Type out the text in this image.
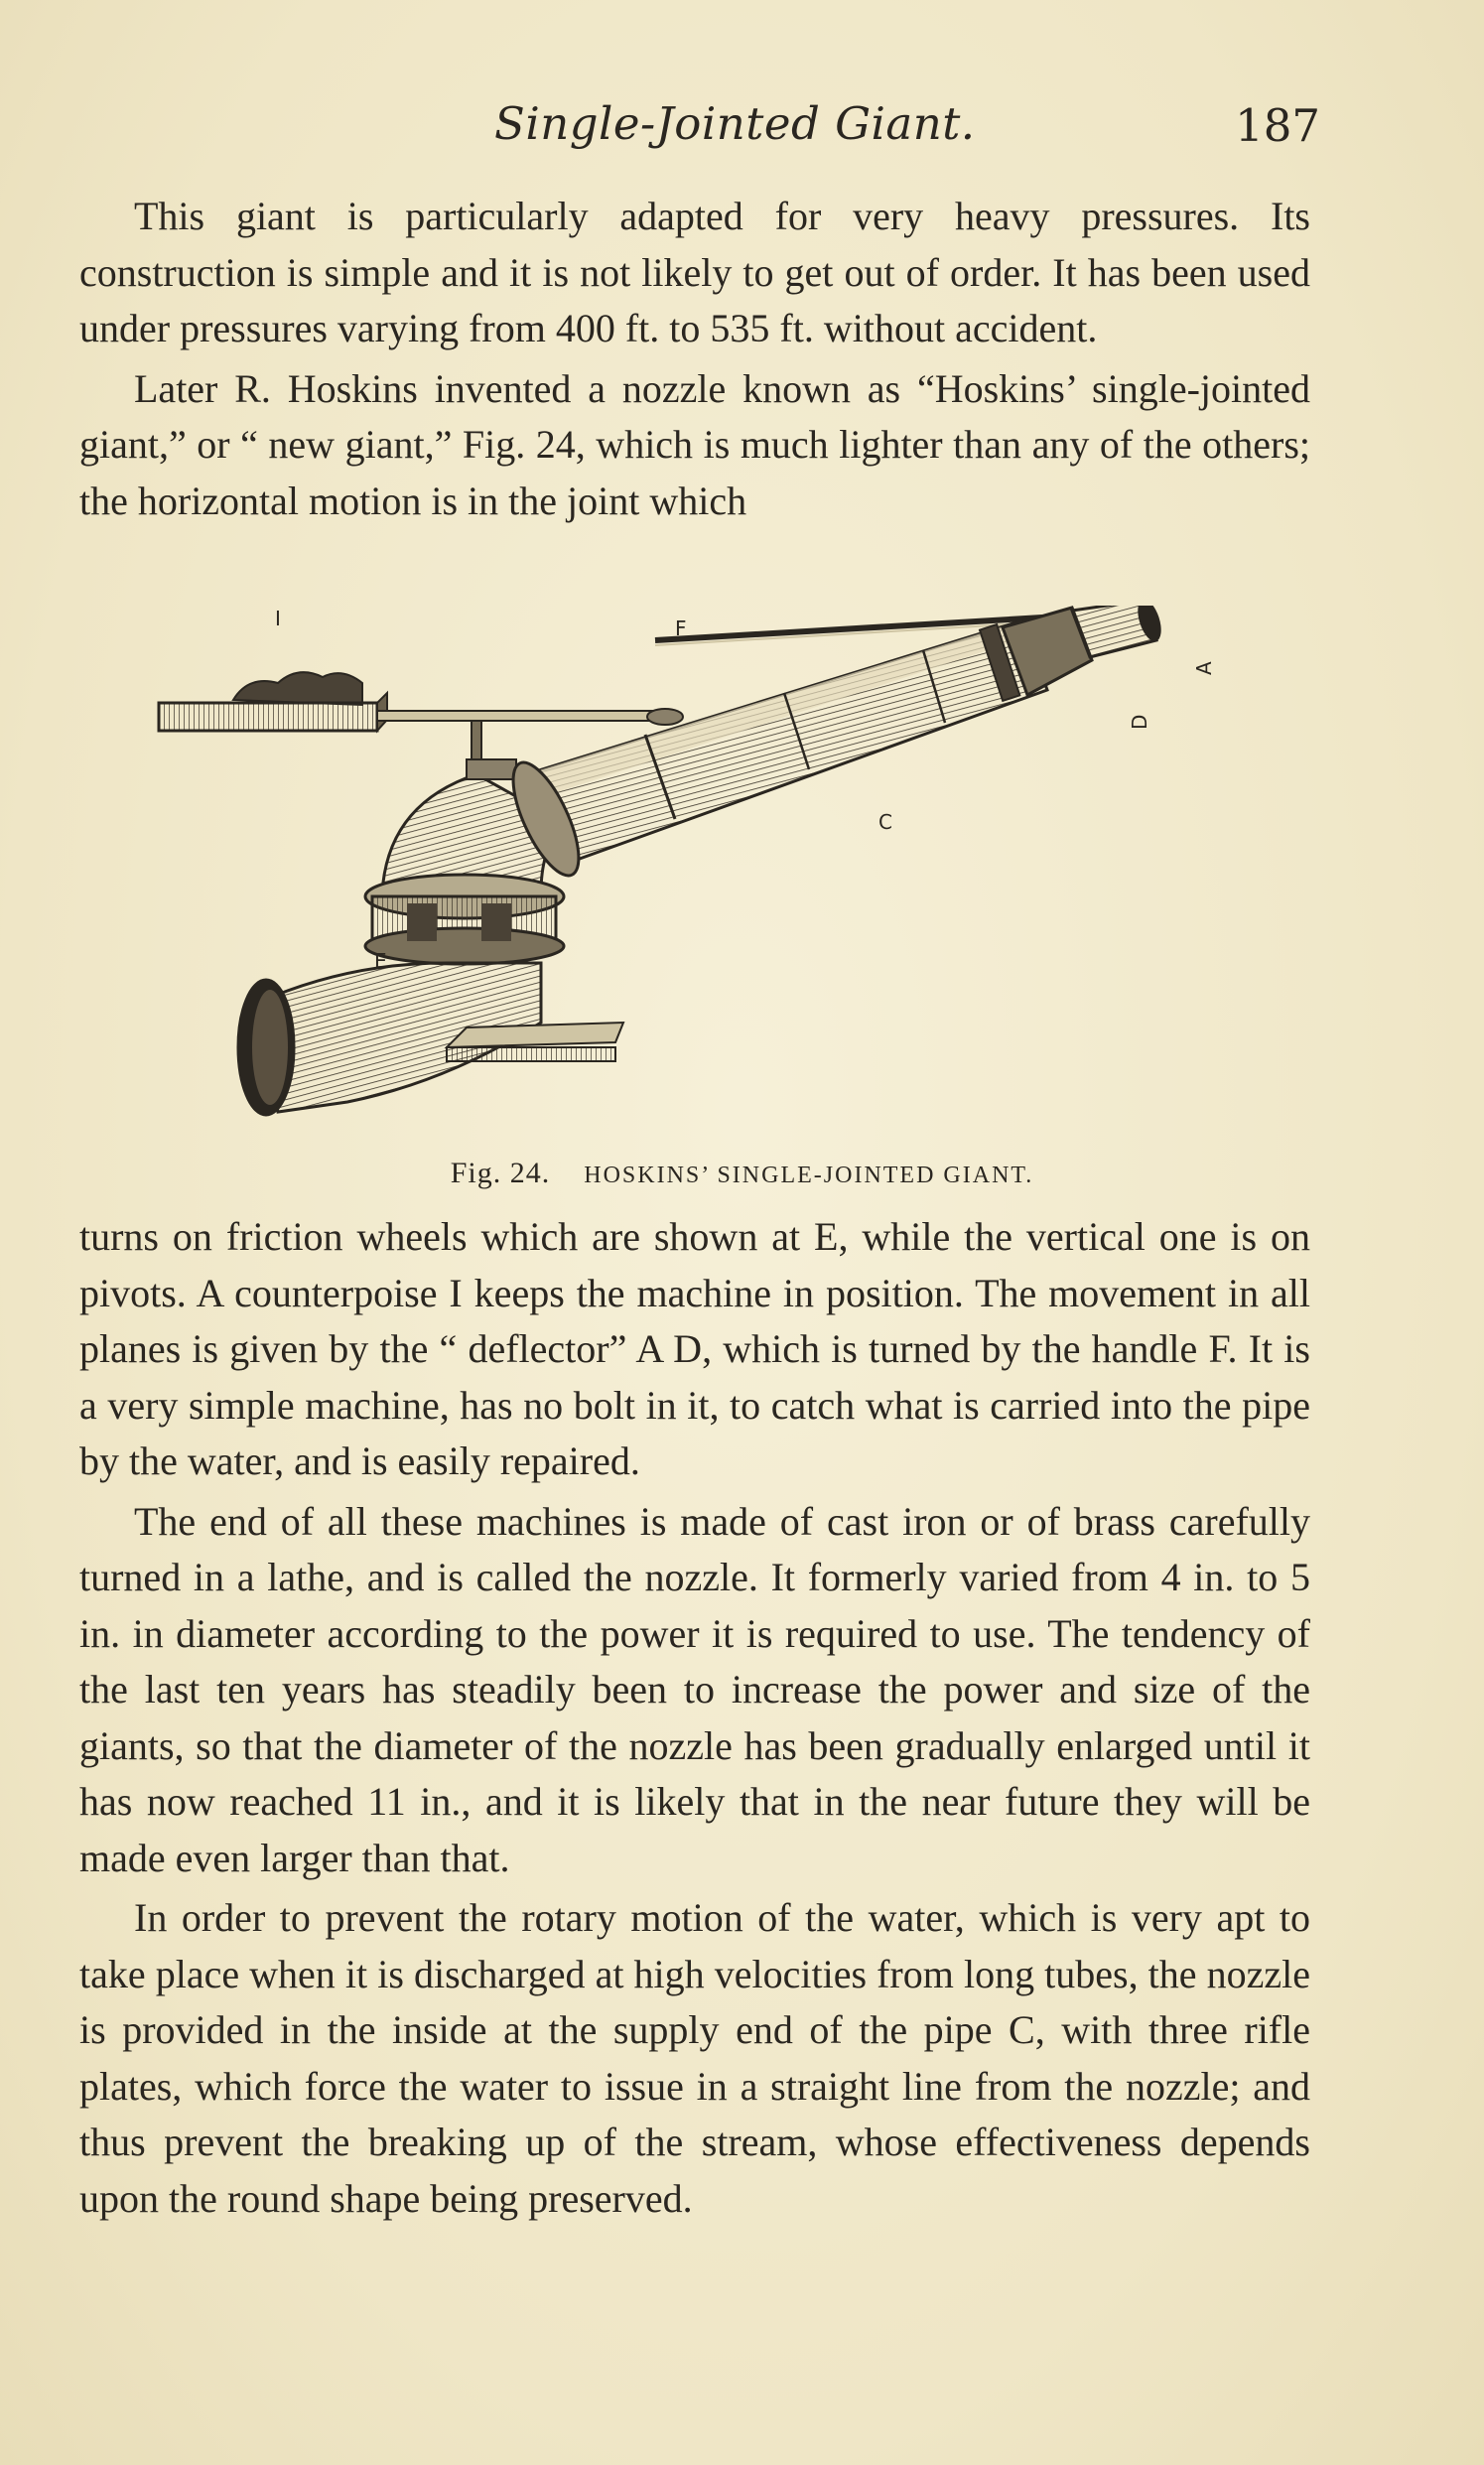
Single-Jointed Giant.	187

This giant is particularly adapted for very heavy pressures. Its construction is simple and it is not likely to get out of order. It has been used under pressures varying from 400 ft. to 535 ft. without accident.

Later R. Hoskins invented a nozzle known as “Hoskins’ single-jointed giant,” or “ new giant,” Fig. 24, which is much lighter than any of the others; the horizontal motion is in the joint which

I	F
A
D
C
E
Fig. 24. HOSKINS’ SINGLE-JOINTED GIANT.

turns on friction wheels which are shown at E, while the vertical one is on pivots. A counterpoise I keeps the machine in position. The movement in all planes is given by the “ deflector” A D, which is turned by the handle F. It is a very simple machine, has no bolt in it, to catch what is carried into the pipe by the water, and is easily repaired.

The end of all these machines is made of cast iron or of brass carefully turned in a lathe, and is called the nozzle. It formerly varied from 4 in. to 5 in. in diameter according to the power it is required to use. The tendency of the last ten years has steadily been to increase the power and size of the giants, so that the diameter of the nozzle has been gradually enlarged until it has now reached 11 in., and it is likely that in the near future they will be made even larger than that.

In order to prevent the rotary motion of the water, which is very apt to take place when it is discharged at high velocities from long tubes, the nozzle is provided in the inside at the supply end of the pipe C, with three rifle plates, which force the water to issue in a straight line from the nozzle; and thus prevent the breaking up of the stream, whose effectiveness depends upon the round shape being preserved.
